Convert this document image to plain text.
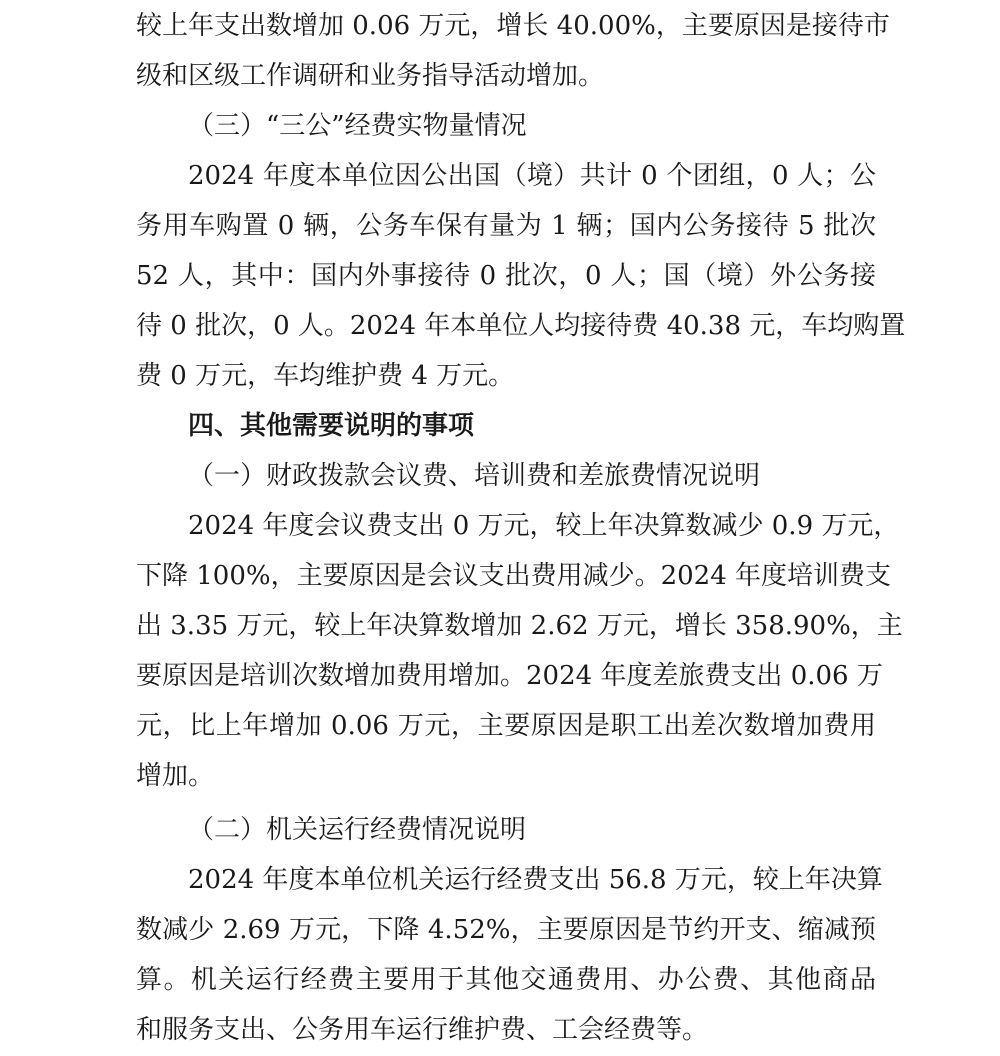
较上年支出数增加 0.06 万元，增长 40.00%，主要原因是接待市
级和区级工作调研和业务指导活动增加。
（三）“三公”经费实物量情况
2024 年度本单位因公出国（境）共计 0 个团组，0 人；公
务用车购置 0 辆，公务车保有量为 1 辆；国内公务接待 5 批次
52 人，其中：国内外事接待 0 批次，0 人；国（境）外公务接
待 0 批次，0 人。2024 年本单位人均接待费 40.38 元，车均购置
费 0 万元，车均维护费 4 万元。
四、其他需要说明的事项
（一）财政拨款会议费、培训费和差旅费情况说明
2024 年度会议费支出 0 万元，较上年决算数减少 0.9 万元，
下降 100%，主要原因是会议支出费用减少。2024 年度培训费支
出 3.35 万元，较上年决算数增加 2.62 万元，增长 358.90%，主
要原因是培训次数增加费用增加。2024 年度差旅费支出 0.06 万
元，比上年增加 0.06 万元，主要原因是职工出差次数增加费用
增加。
（二）机关运行经费情况说明
2024 年度本单位机关运行经费支出 56.8 万元，较上年决算
数减少 2.69 万元，下降 4.52%，主要原因是节约开支、缩减预
算。机关运行经费主要用于其他交通费用、办公费、其他商品
和服务支出、公务用车运行维护费、工会经费等。
